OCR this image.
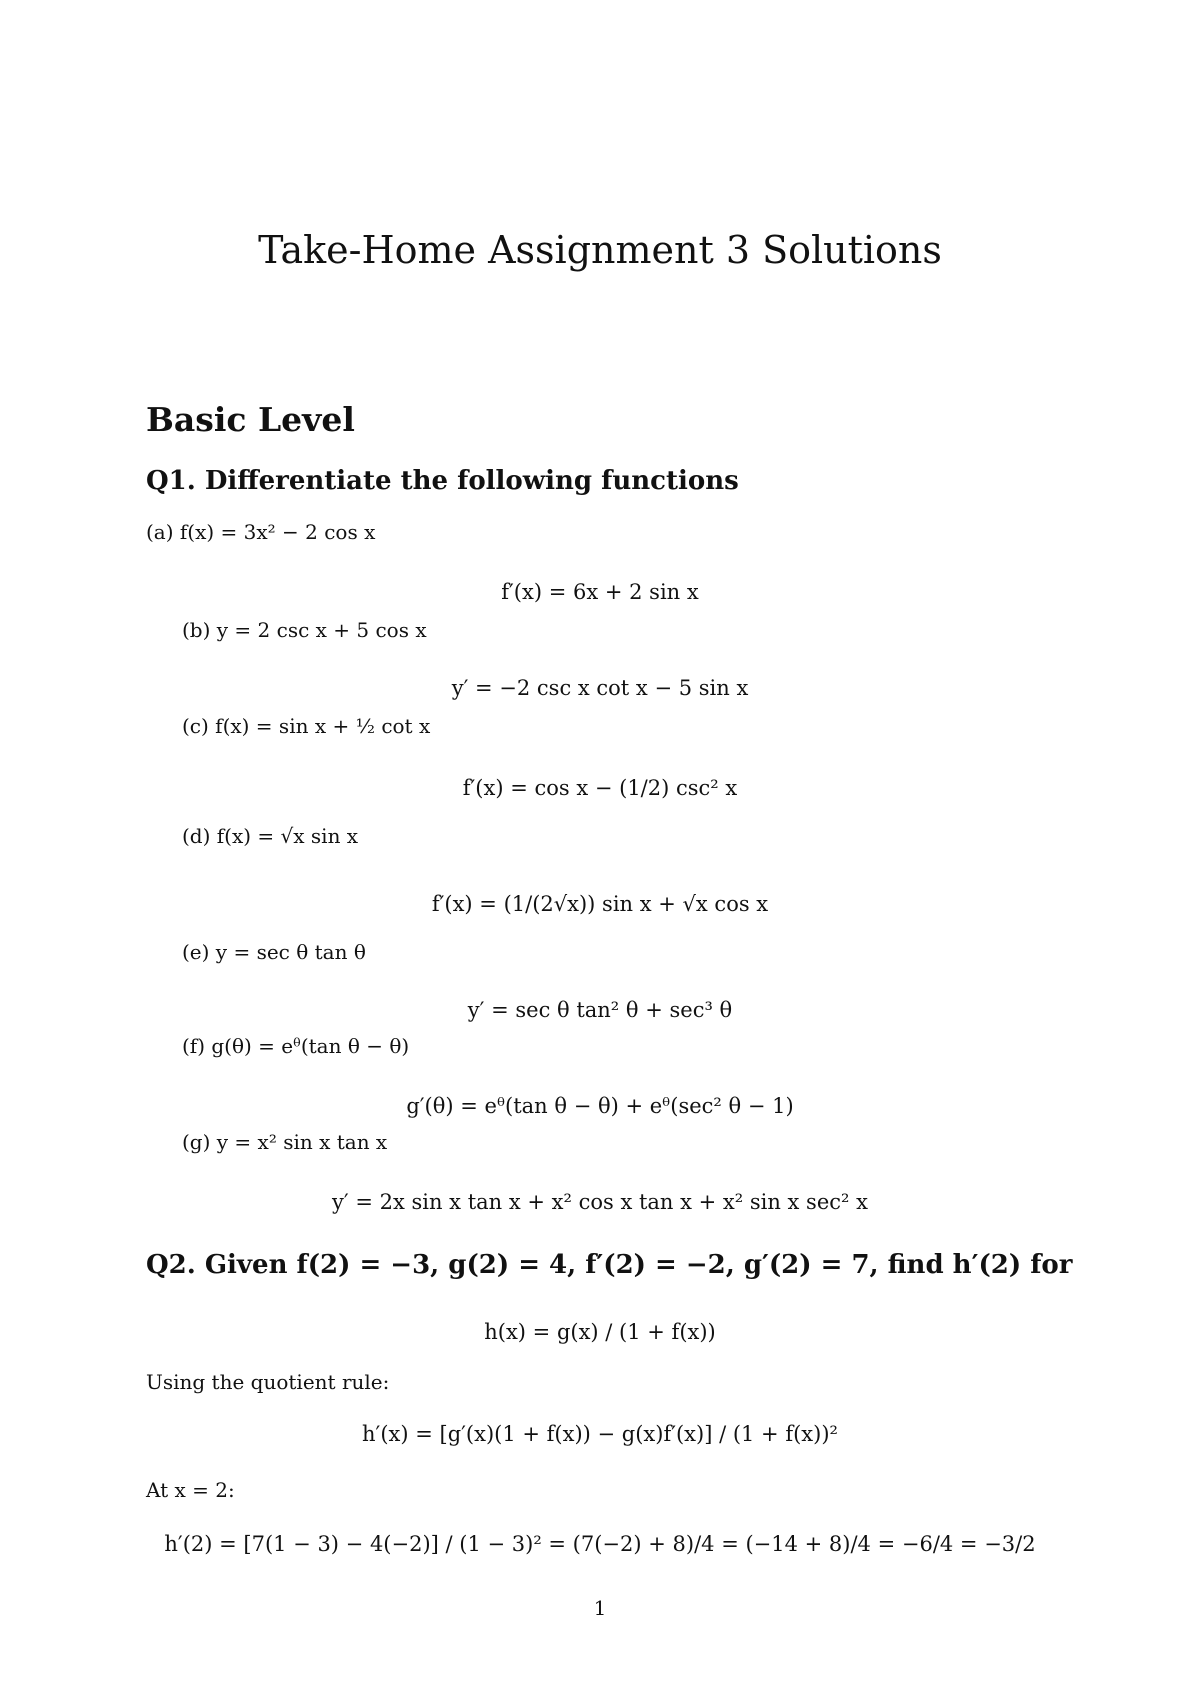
Take-Home Assignment 3 Solutions
Basic Level
Q1. Differentiate the following functions
(a) f(x) = 3x² − 2 cos x
f′(x) = 6x + 2 sin x
(b) y = 2 csc x + 5 cos x
y′ = −2 csc x cot x − 5 sin x
(c) f(x) = sin x + ½ cot x
f′(x) = cos x − (1/2) csc² x
(d) f(x) = √x sin x
f′(x) = (1/(2√x)) sin x + √x cos x
(e) y = sec θ tan θ
y′ = sec θ tan² θ + sec³ θ
(f) g(θ) = eᶿ(tan θ − θ)
g′(θ) = eᶿ(tan θ − θ) + eᶿ(sec² θ − 1)
(g) y = x² sin x tan x
y′ = 2x sin x tan x + x² cos x tan x + x² sin x sec² x
Q2. Given f(2) = −3, g(2) = 4, f′(2) = −2, g′(2) = 7, find h′(2) for
h(x) = g(x) / (1 + f(x))
Using the quotient rule:
h′(x) = [g′(x)(1 + f(x)) − g(x)f′(x)] / (1 + f(x))²
At x = 2:
h′(2) = [7(1 − 3) − 4(−2)] / (1 − 3)² = (7(−2) + 8)/4 = (−14 + 8)/4 = −6/4 = −3/2
1
